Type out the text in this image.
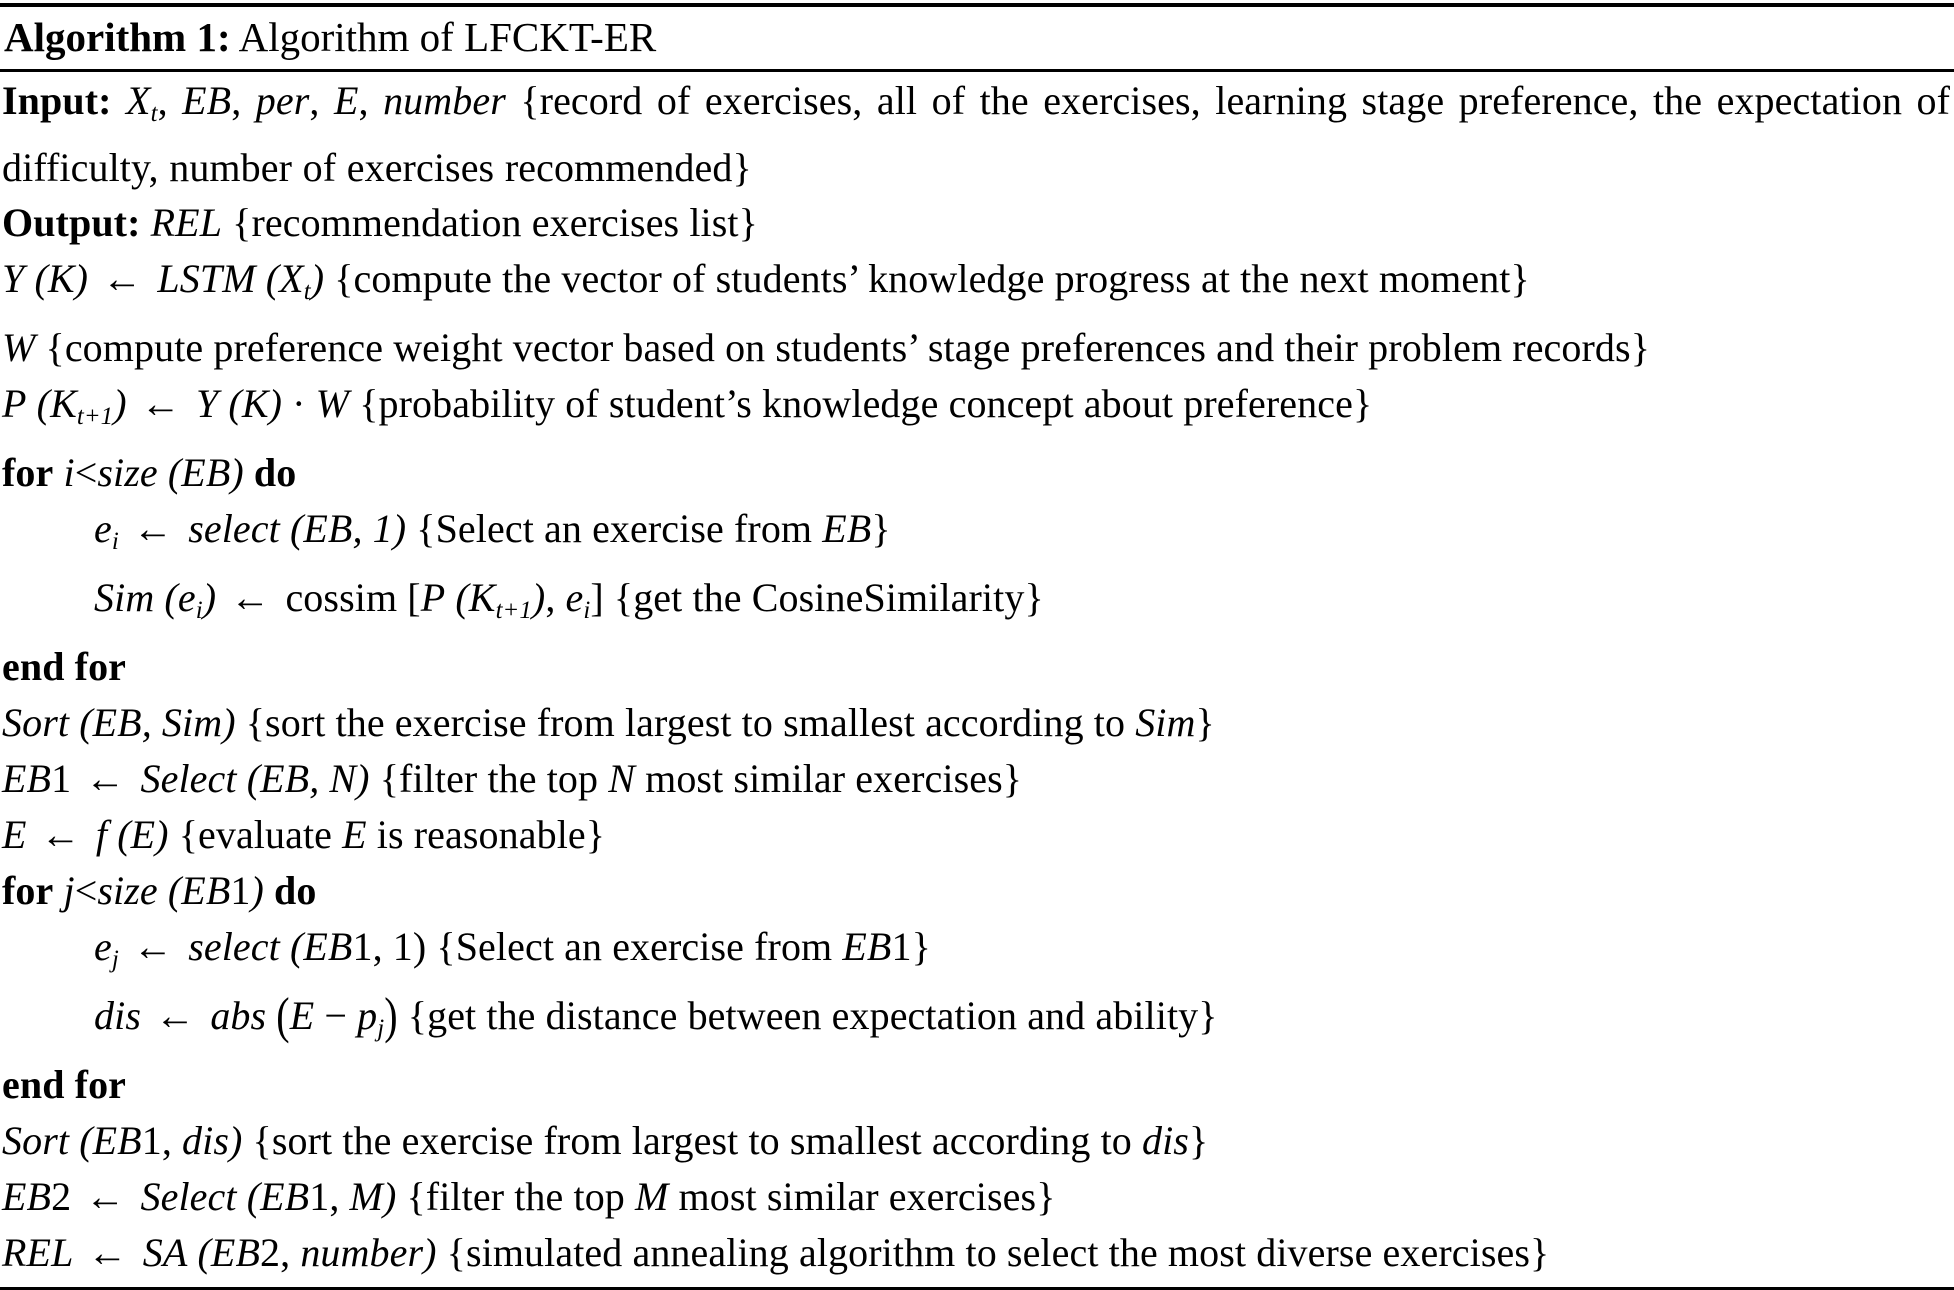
Algorithm 1: Algorithm of LFCKT-ER
Input: $X_t$, EB, per, E, number {record of exercises, all of the exercises, learning stage preference, the expectation of difficulty, number of exercises recommended}
Output: REL {recommendation exercises list}
Y (K) ← LSTM $(X_t)$ {compute the vector of students’ knowledge progress at the next moment}
W {compute preference weight vector based on students’ stage preferences and their problem records}
P $(K_{t+1})$ ← Y (K) · W {probability of student’s knowledge concept about preference}
for i<size (EB) do
$e_i$ ← select (EB, 1) {Select an exercise from EB}
Sim $(e_i)$ ← cossim [P $(K_{t+1})$, $e_i$] {get the CosineSimilarity}
end for
Sort (EB, Sim) {sort the exercise from largest to smallest according to Sim}
EB1 ← Select (EB, N) {filter the top N most similar exercises}
E ← f (E) {evaluate E is reasonable}
for j<size (EB1) do
$e_j$ ← select (EB1, 1) {Select an exercise from EB1}
dis ← abs $(E - p_j)$ {get the distance between expectation and ability}
end for
Sort (EB1, dis) {sort the exercise from largest to smallest according to dis}
EB2 ← Select (EB1, M) {filter the top M most similar exercises}
REL ← SA (EB2, number) {simulated annealing algorithm to select the most diverse exercises}
